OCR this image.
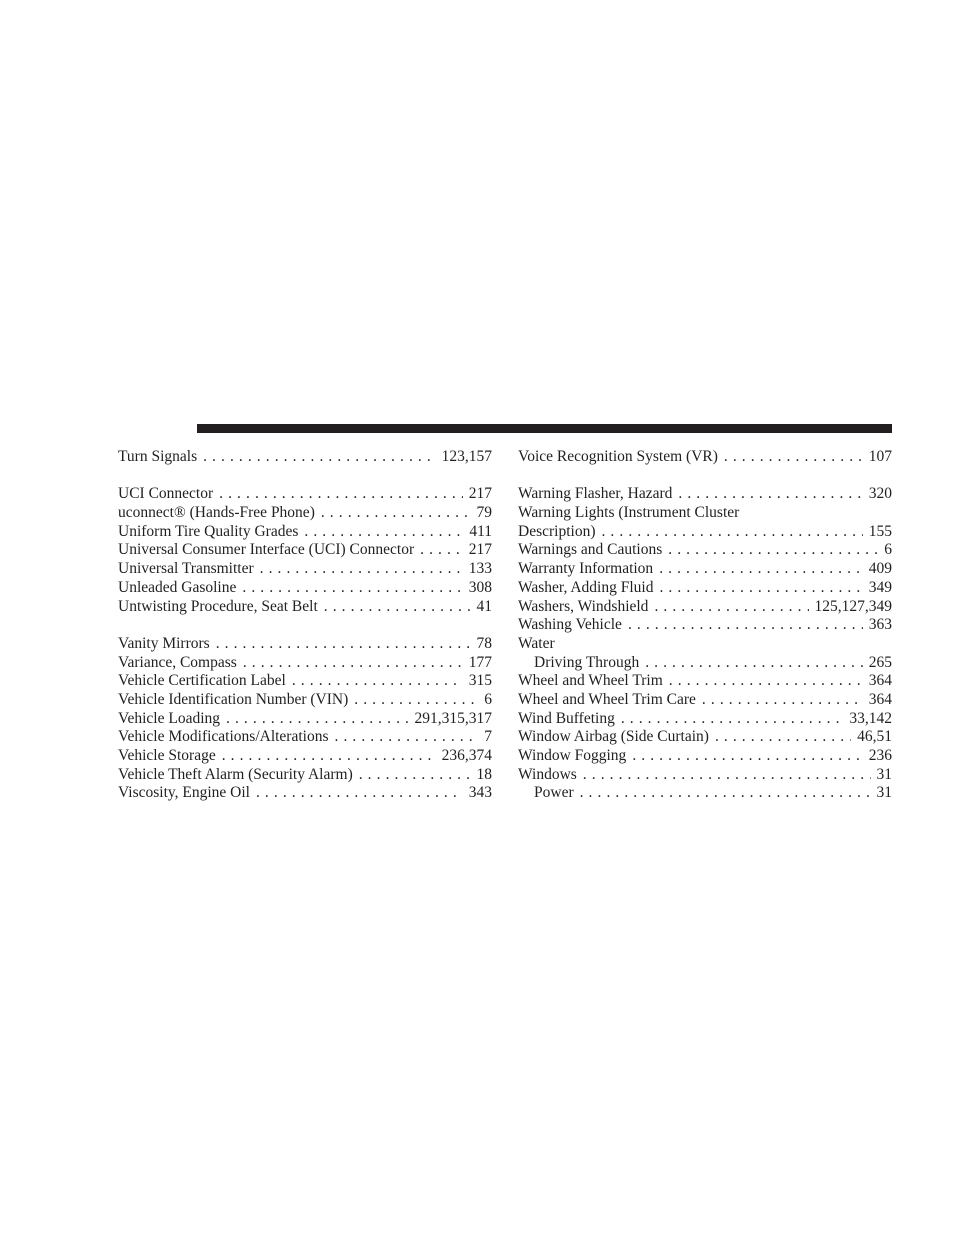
Turn Signals . . .	123,157
UCI Connector . . .	217
uconnect® (Hands-Free Phone) . . .	79
Uniform Tire Quality Grades . . .	411
Universal Consumer Interface (UCI) Connector . . .	217
Universal Transmitter . . .	133
Unleaded Gasoline . . .	308
Untwisting Procedure, Seat Belt . . .	41
Vanity Mirrors . . .	78
Variance, Compass . . .	177
Vehicle Certification Label . . .	315
Vehicle Identification Number (VIN) . . .	6
Vehicle Loading . . .	291,315,317
Vehicle Modifications/Alterations . . .	7
Vehicle Storage . . .	236,374
Vehicle Theft Alarm (Security Alarm) . . .	18
Viscosity, Engine Oil . . .	343
Voice Recognition System (VR) . . .	107
Warning Flasher, Hazard . . .	320
Warning Lights (Instrument Cluster
Description) . . .	155
Warnings and Cautions . . .	6
Warranty Information . . .	409
Washer, Adding Fluid . . .	349
Washers, Windshield . . .	125,127,349
Washing Vehicle . . .	363
Water
Driving Through . . .	265
Wheel and Wheel Trim . . .	364
Wheel and Wheel Trim Care . . .	364
Wind Buffeting . . .	33,142
Window Airbag (Side Curtain) . . .	46,51
Window Fogging . . .	236
Windows . . .	31
Power . . .	31
